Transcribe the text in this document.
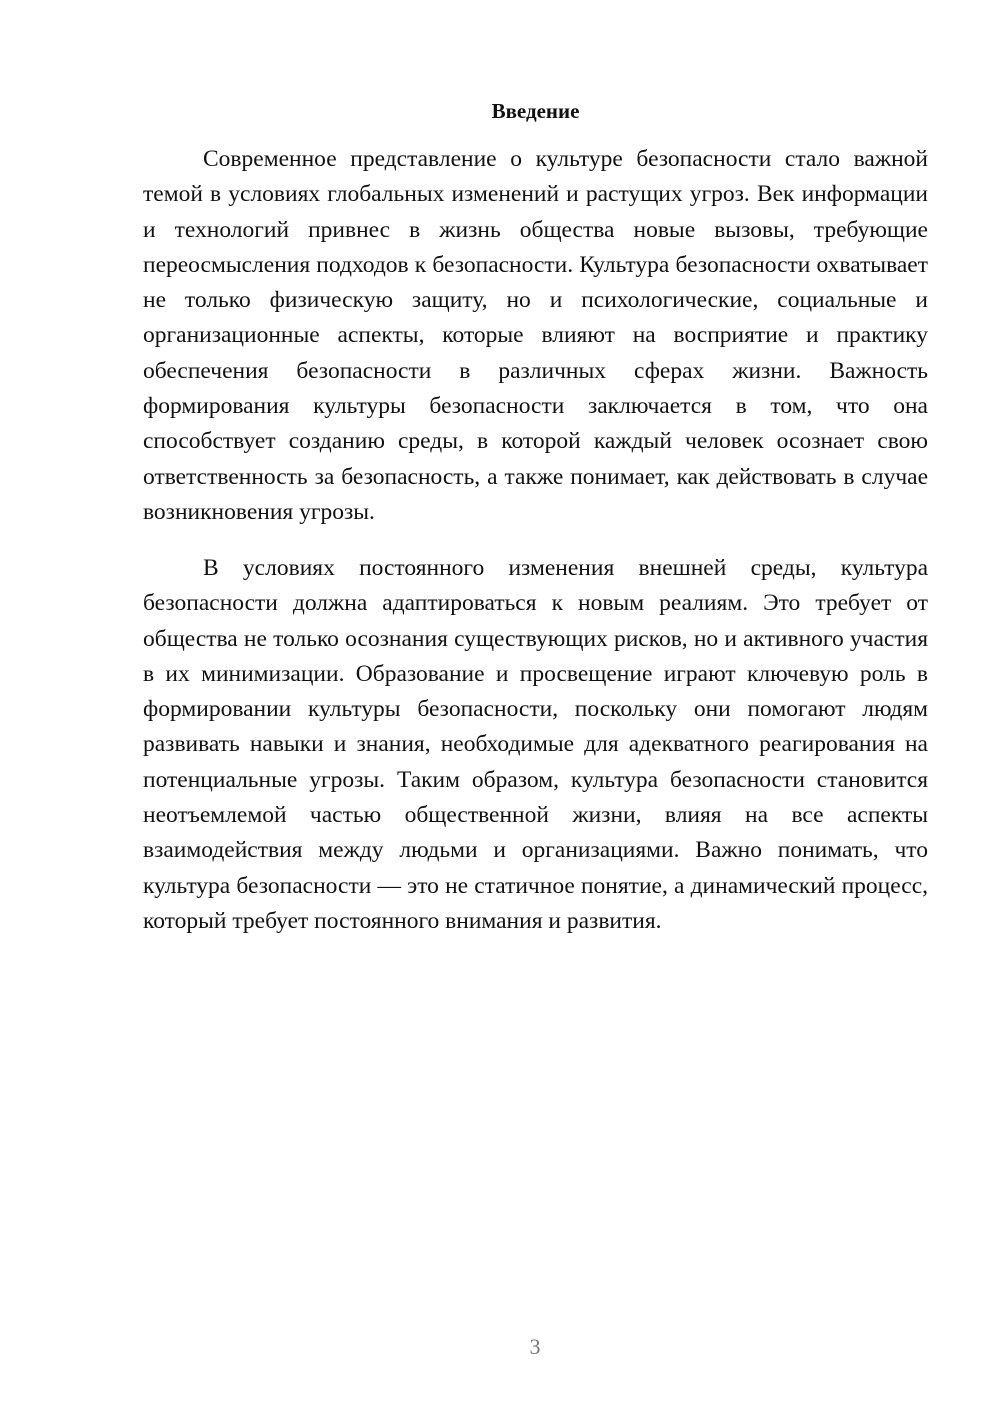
Введение

Современное представление о культуре безопасности стало важной темой в условиях глобальных изменений и растущих угроз. Век информации и технологий привнес в жизнь общества новые вызовы, требующие переосмысления подходов к безопасности. Культура безопасности охватывает не только физическую защиту, но и психологические, социальные и организационные аспекты, которые влияют на восприятие и практику обеспечения безопасности в различных сферах жизни. Важность формирования культуры безопасности заключается в том, что она способствует созданию среды, в которой каждый человек осознает свою ответственность за безопасность, а также понимает, как действовать в случае возникновения угрозы.

В условиях постоянного изменения внешней среды, культура безопасности должна адаптироваться к новым реалиям. Это требует от общества не только осознания существующих рисков, но и активного участия в их минимизации. Образование и просвещение играют ключевую роль в формировании культуры безопасности, поскольку они помогают людям развивать навыки и знания, необходимые для адекватного реагирования на потенциальные угрозы. Таким образом, культура безопасности становится неотъемлемой частью общественной жизни, влияя на все аспекты взаимодействия между людьми и организациями. Важно понимать, что культура безопасности — это не статичное понятие, а динамический процесс, который требует постоянного внимания и развития.

3
